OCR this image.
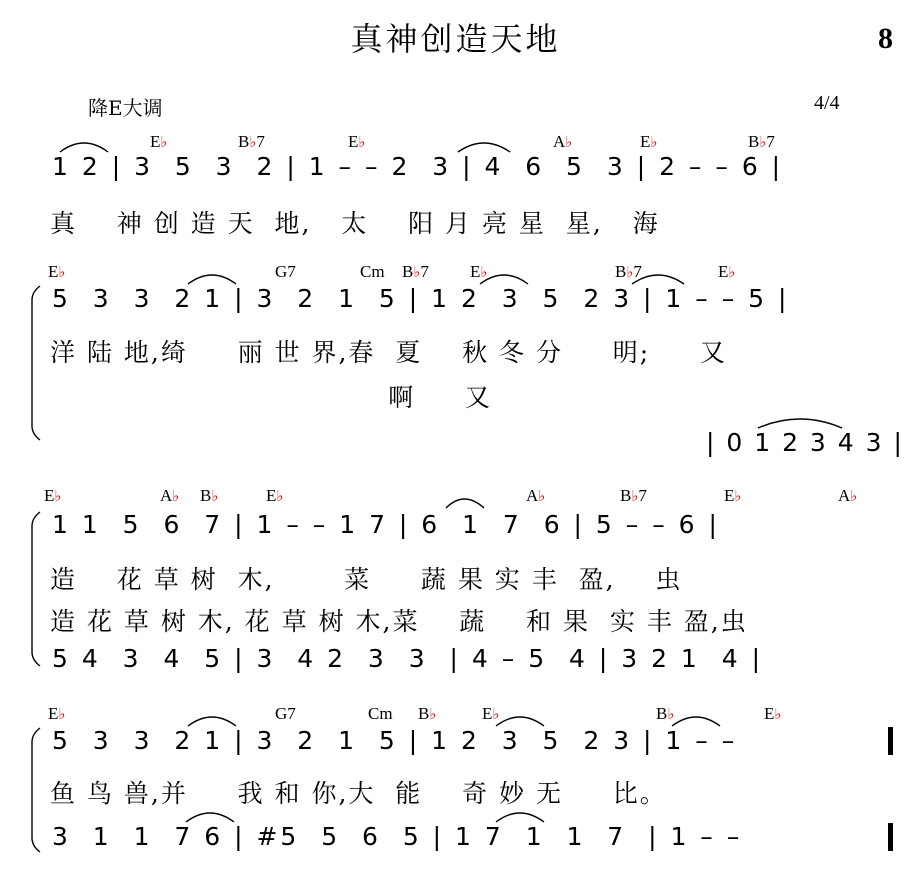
真神创造天地	8
降E大调	4/4
E♭	B♭7	E♭	A♭	E♭	B♭7
1 2 | 3  5  3  2 | 1 – – 2  3 | 4  6  5  3 | 2 – – 6 |
真    神 创 造 天  地,   太    阳 月 亮 星  星,   海
E♭	G7	Cm B♭7 E♭	B♭7	E♭
5  3  3  2 1 | 3  2  1  5 | 1 2  3  5  2 3 | 1 – – 5 |
洋 陆 地,绮     丽 世 界,春  夏    秋 冬 分     明;     又
啊     又
| 0 1 2 3 4 3 |
E♭	A♭ B♭	E♭	A♭	B♭7	E♭	A♭
1 1  5  6  7 | 1 – – 1 7 | 6  1  7  6 | 5 – – 6 |
造    花 草 树  木,       菜     蔬 果 实 丰  盈,    虫
造 花 草 树 木, 花 草 树 木,菜    蔬    和 果  实 丰 盈,虫
5 4  3  4  5 | 3  4 2  3  3  | 4 – 5  4 | 3 2 1  4 |
E♭	G7	Cm B♭	E♭	B♭	E♭
5  3  3  2 1 | 3  2  1  5 | 1 2  3  5  2 3 | 1 – –
鱼 鸟 兽,并     我 和 你,大  能    奇 妙 无     比。
3  1  1  7 6 | #5  5  6  5 | 1 7  1  1  7  | 1 – –
